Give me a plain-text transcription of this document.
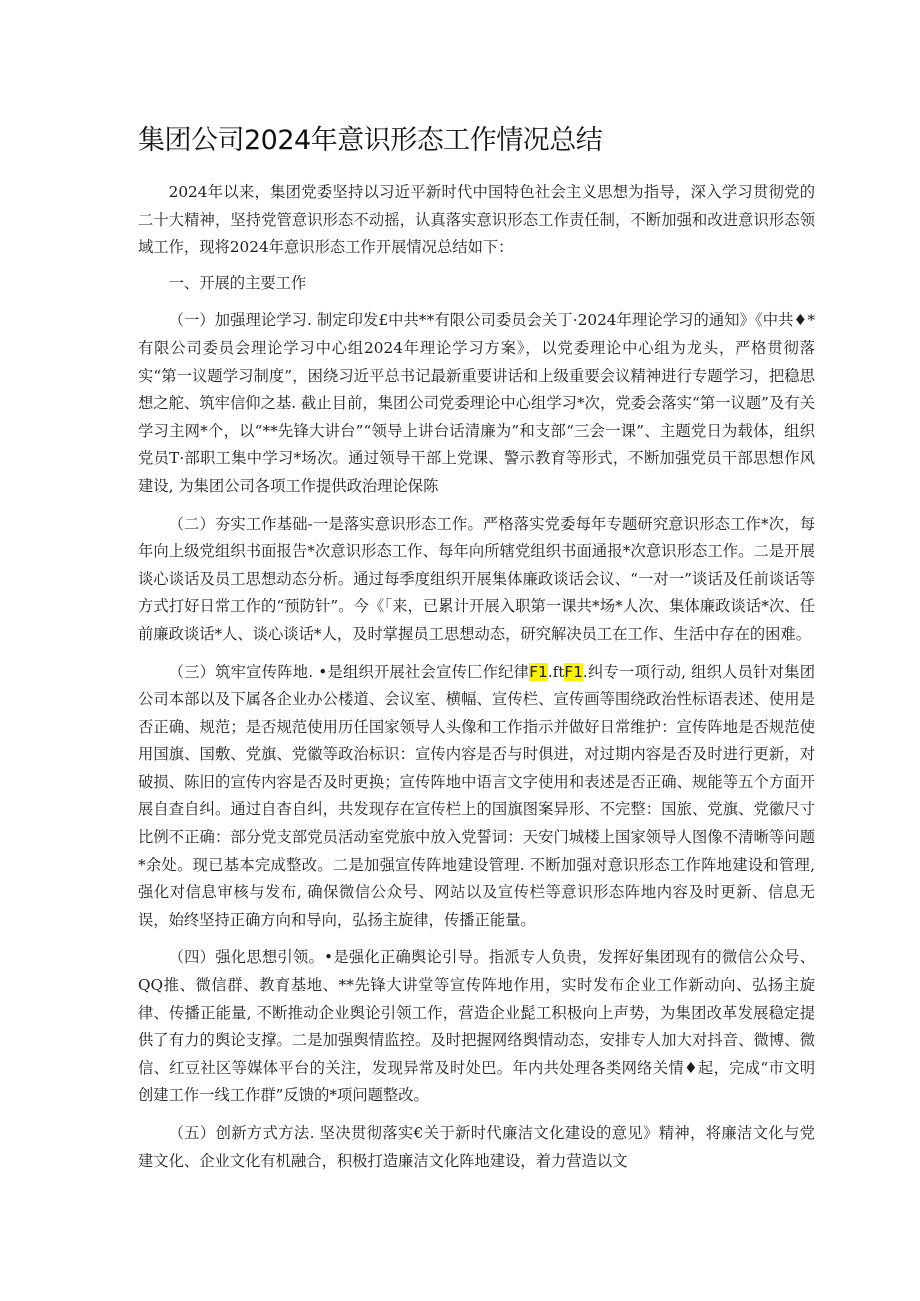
集团公司2024年意识形态工作情况总结

2024年以来，集团党委坚持以习近平新时代中国特色社会主义思想为指导，深入学习贯彻党的二十大精神，坚持党管意识形态不动摇，认真落实意识形态工作责任制，不断加强和改进意识形态领域工作，现将2024年意识形态工作开展情况总结如下：

一、开展的主要工作

（一）加强理论学习. 制定印发£中共**有限公司委员会关丁·2024年理论学习的通知》《中共♦*有限公司委员会理论学习中心组2024年理论学习方案》，以党委理论中心组为龙头，严格贯彻落实“第一议题学习制度”，困绕习近平总书记最新重要讲话和上级重要会议精神进行专题学习，把稳思想之舵、筑牢信仰之基. 截止目前，集团公司党委理论中心组学习*次，党委会落实“第一议题”及有关学习主网*个，以“**先锋大讲台”“领导上讲台话清廉为”和支部“三会一课”、主题党日为载体，组织党员T·部职工集中学习*场次。通过领导干部上党课、警示教育等形式，不断加强党员干部思想作风建设, 为集团公司各项工作提供政治理论保陈

（二）夯实工作基础-一是落实意识形态工作。严格落实党委每年专题研究意识形态工作*次，每年向上级党组织书面报告*次意识形态工作、每年向所辖党组织书面通报*次意识形态工作。二是开展谈心谈话及员工思想动态分析。通过每季度组织开展集体廉政谈话会议、“一对一”谈话及任前谈话等方式打好日常工作的“预防针”。今《「来，已累计开展入职第一课共*场*人次、集体廉政谈话*次、任前廉政谈话*人、谈心谈话*人，及时掌握员工思想动态，研究解决员工在工作、生活中存在的困难。

（三）筑牢宣传阵地. •是组织开展社会宣传匚作纪律F1.ftF1.纠专一项行动, 组织人员针对集团公司本部以及下属各企业办公楼道、会议室、横幅、宣传栏、宣传画等围绕政治性标语表述、使用是否正确、规范；是否规范使用历任国家领导人头像和工作指示并做好日常维护：宣传阵地是否规范使用国旗、国敷、党旗、党徽等政治标识：宣传内容是否与时俱进，对过期内容是否及时进行更新，对破损、陈旧的宣传内容是否及时更换；宣传阵地中语言文字使用和表述是否正确、规能等五个方面开展自查自纠。通过自杳自纠，共发现存在宣传栏上的国旗图案异形、不完整：国旅、党旗、党徽尺寸比例不正确：部分党支部党员活动室党旅中放入党誓词：天安门城楼上国家领导人图像不清晰等问题*余处。现已基本完成整改。二是加强宣传阵地建设管理. 不断加强对意识形态工作阵地建设和管理, 强化对信息审核与发布, 确保微信公众号、网站以及宣传栏等意识形态阵地内容及时更新、信息无误，始终坚持正确方向和导向，弘扬主旋律，传播正能量。

（四）强化思想引领。•是强化正确舆论引导。指派专人负贵，发挥好集团现有的微信公众号、QQ推、微信群、教育基地、**先锋大讲堂等宣传阵地作用，实时发布企业工作新动向、弘扬主旋律、传播正能量, 不断推动企业舆论引领工作，营造企业髭工积极向上声势，为集团改革发展稳定提供了有力的舆论支撑。二是加强舆情监控。及时把握网络舆情动态，安排专人加大对抖音、微博、微信、红豆社区等媒体平台的关注，发现异常及时处巴。年内共处理各类网络关情♦起，完成“市文明创建工作一线工作群”反馈的*项问题整改。

（五）创新方式方法. 坚决贯彻落实€关于新时代廉洁文化建设的意见》精神，将廉洁文化与党建文化、企业文化有机融合，积极打造廉洁文化阵地建设，着力营造以文
